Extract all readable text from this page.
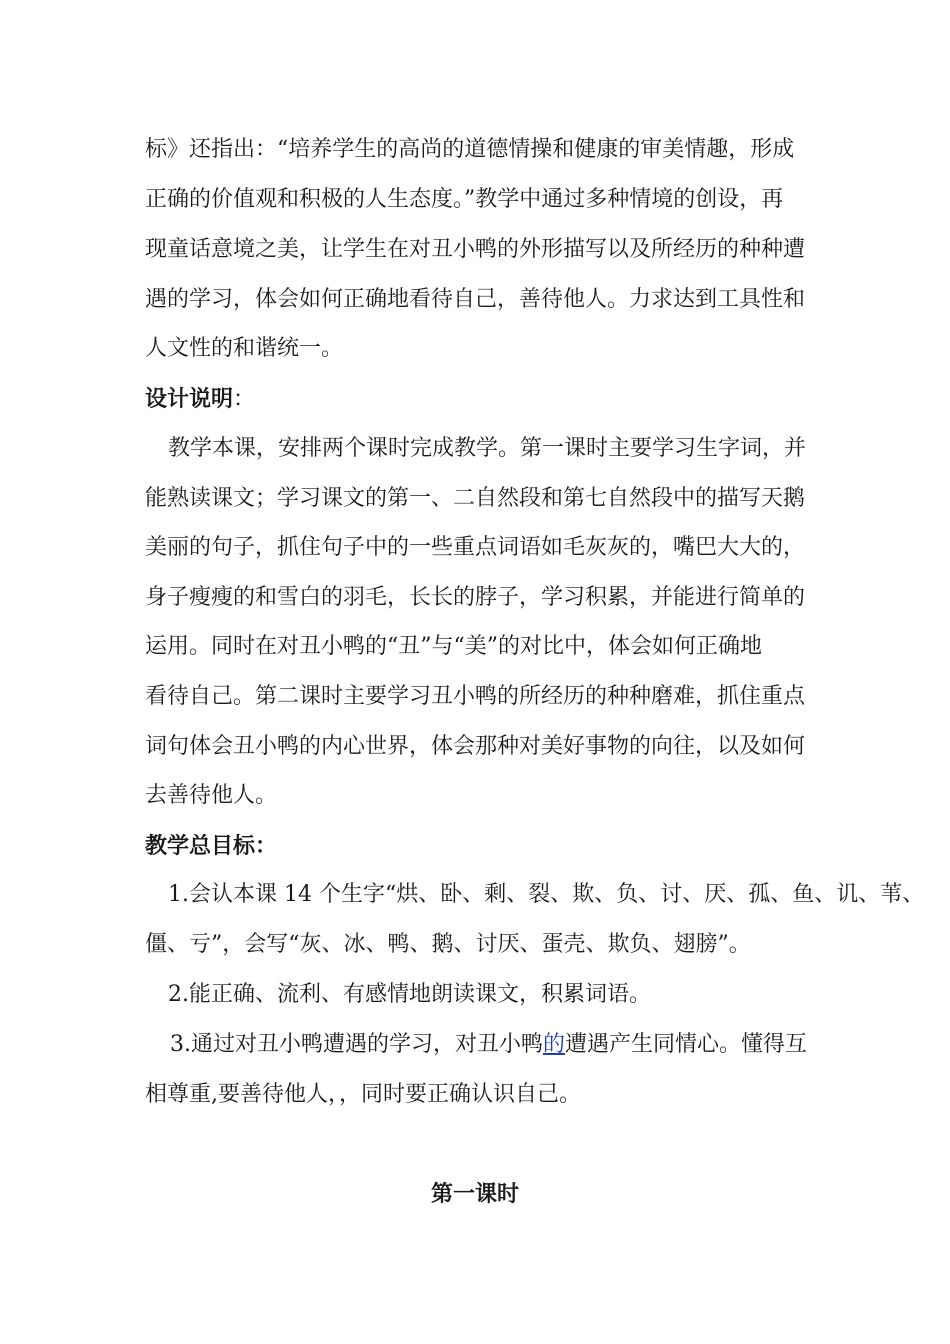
标》还指出：“培养学生的高尚的道德情操和健康的审美情趣，形成
正确的价值观和积极的人生态度。”教学中通过多种情境的创设，再
现童话意境之美，让学生在对丑小鸭的外形描写以及所经历的种种遭
遇的学习，体会如何正确地看待自己，善待他人。力求达到工具性和
人文性的和谐统一。
设计说明：
教学本课，安排两个课时完成教学。第一课时主要学习生字词，并
能熟读课文；学习课文的第一、二自然段和第七自然段中的描写天鹅
美丽的句子，抓住句子中的一些重点词语如毛灰灰的，嘴巴大大的，
身子瘦瘦的和雪白的羽毛，长长的脖子，学习积累，并能进行简单的
运用。同时在对丑小鸭的“丑”与“美”的对比中，体会如何正确地
看待自己。第二课时主要学习丑小鸭的所经历的种种磨难，抓住重点
词句体会丑小鸭的内心世界，体会那种对美好事物的向往，以及如何
去善待他人。
教学总目标：
1.会认本课 14 个生字“烘、卧、剩、裂、欺、负、讨、厌、孤、鱼、讥、苇、
僵、亏”，会写“灰、冰、鸭、鹅、讨厌、蛋壳、欺负、翅膀”。
2.能正确、流利、有感情地朗读课文，积累词语。
3.通过对丑小鸭遭遇的学习，对丑小鸭的遭遇产生同情心。懂得互
相尊重,要善待他人，，同时要正确认识自己。
第一课时
